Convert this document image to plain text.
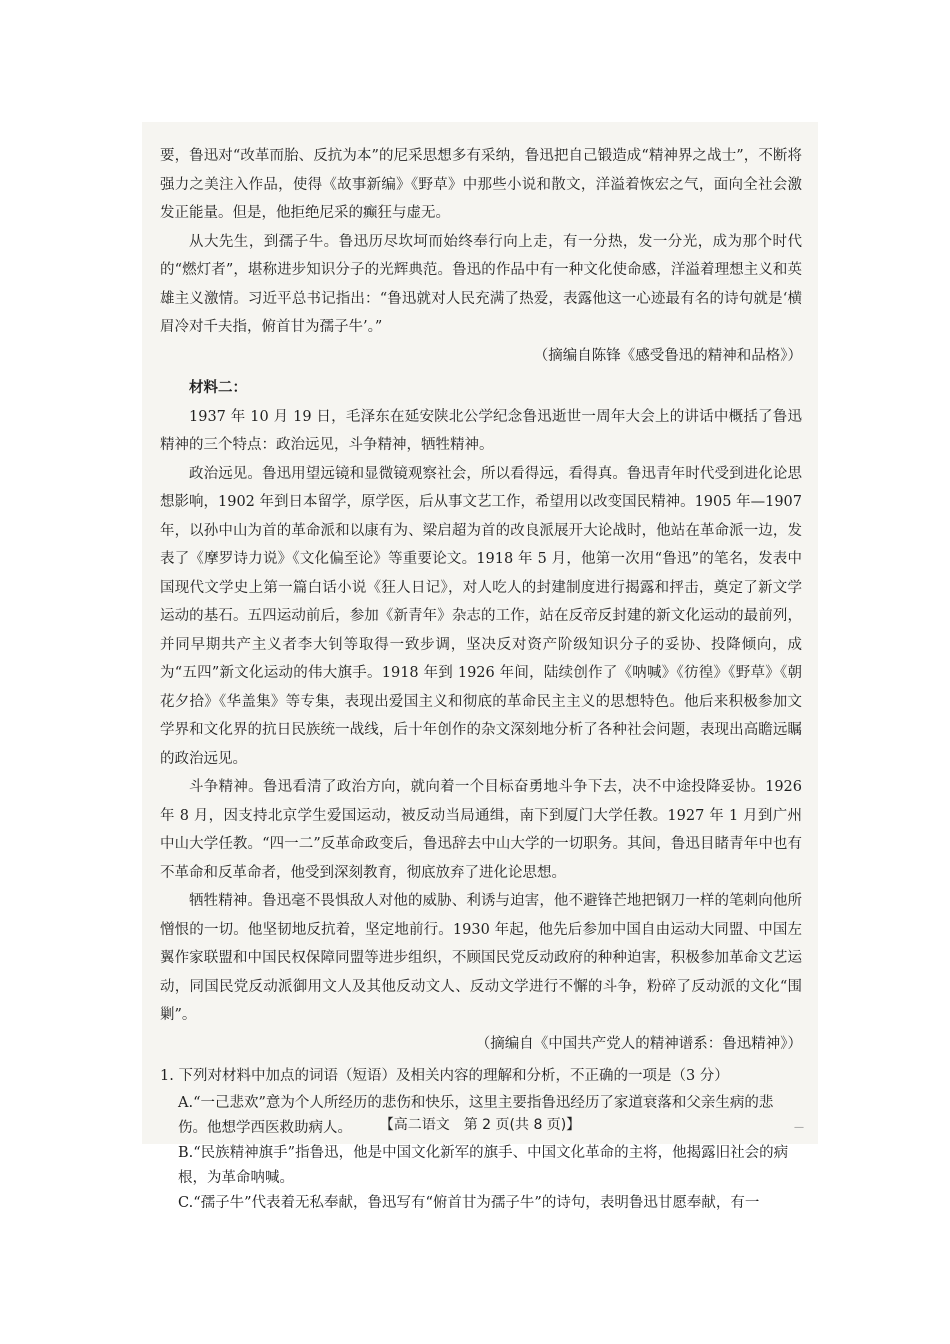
要，鲁迅对“改革而胎、反抗为本”的尼采思想多有采纳，鲁迅把自己锻造成“精神界之战士”，不断将强力之美注入作品，使得《故事新编》《野草》中那些小说和散文，洋溢着恢宏之气，面向全社会激发正能量。但是，他拒绝尼采的癫狂与虚无。

从大先生，到孺子牛。鲁迅历尽坎坷而始终奉行向上走，有一分热，发一分光，成为那个时代的“燃灯者”，堪称进步知识分子的光辉典范。鲁迅的作品中有一种文化使命感，洋溢着理想主义和英雄主义激情。习近平总书记指出：“鲁迅就对人民充满了热爱，表露他这一心迹最有名的诗句就是‘横眉冷对千夫指，俯首甘为孺子牛’。”

（摘编自陈锋《感受鲁迅的精神和品格》）

材料二：

1937 年 10 月 19 日，毛泽东在延安陕北公学纪念鲁迅逝世一周年大会上的讲话中概括了鲁迅精神的三个特点：政治远见，斗争精神，牺牲精神。

政治远见。鲁迅用望远镜和显微镜观察社会，所以看得远，看得真。鲁迅青年时代受到进化论思想影响，1902 年到日本留学，原学医，后从事文艺工作，希望用以改变国民精神。1905 年—1907 年，以孙中山为首的革命派和以康有为、梁启超为首的改良派展开大论战时，他站在革命派一边，发表了《摩罗诗力说》《文化偏至论》等重要论文。1918 年 5 月，他第一次用“鲁迅”的笔名，发表中国现代文学史上第一篇白话小说《狂人日记》，对人吃人的封建制度进行揭露和抨击，奠定了新文学运动的基石。五四运动前后，参加《新青年》杂志的工作，站在反帝反封建的新文化运动的最前列，并同早期共产主义者李大钊等取得一致步调，坚决反对资产阶级知识分子的妥协、投降倾向，成为“五四”新文化运动的伟大旗手。1918 年到 1926 年间，陆续创作了《呐喊》《彷徨》《野草》《朝花夕拾》《华盖集》等专集，表现出爱国主义和彻底的革命民主主义的思想特色。他后来积极参加文学界和文化界的抗日民族统一战线，后十年创作的杂文深刻地分析了各种社会问题，表现出高瞻远瞩的政治远见。

斗争精神。鲁迅看清了政治方向，就向着一个目标奋勇地斗争下去，决不中途投降妥协。1926 年 8 月，因支持北京学生爱国运动，被反动当局通缉，南下到厦门大学任教。1927 年 1 月到广州中山大学任教。“四一二”反革命政变后，鲁迅辞去中山大学的一切职务。其间，鲁迅目睹青年中也有不革命和反革命者，他受到深刻教育，彻底放弃了进化论思想。

牺牲精神。鲁迅毫不畏惧敌人对他的威胁、利诱与迫害，他不避锋芒地把钢刀一样的笔刺向他所憎恨的一切。他坚韧地反抗着，坚定地前行。1930 年起，他先后参加中国自由运动大同盟、中国左翼作家联盟和中国民权保障同盟等进步组织，不顾国民党反动政府的种种迫害，积极参加革命文艺运动，同国民党反动派御用文人及其他反动文人、反动文学进行不懈的斗争，粉碎了反动派的文化“围剿”。

（摘编自《中国共产党人的精神谱系：鲁迅精神》）

1. 下列对材料中加点的词语（短语）及相关内容的理解和分析，不正确的一项是（3 分）

A.“一己悲欢”意为个人所经历的悲伤和快乐，这里主要指鲁迅经历了家道衰落和父亲生病的悲伤。他想学西医救助病人。
B.“民族精神旗手”指鲁迅，他是中国文化新军的旗手、中国文化革命的主将，他揭露旧社会的病根，为革命呐喊。
C.“孺子牛”代表着无私奉献，鲁迅写有“俯首甘为孺子牛”的诗句，表明鲁迅甘愿奉献，有一
【高二语文　第 2 页(共 8 页)】	—
